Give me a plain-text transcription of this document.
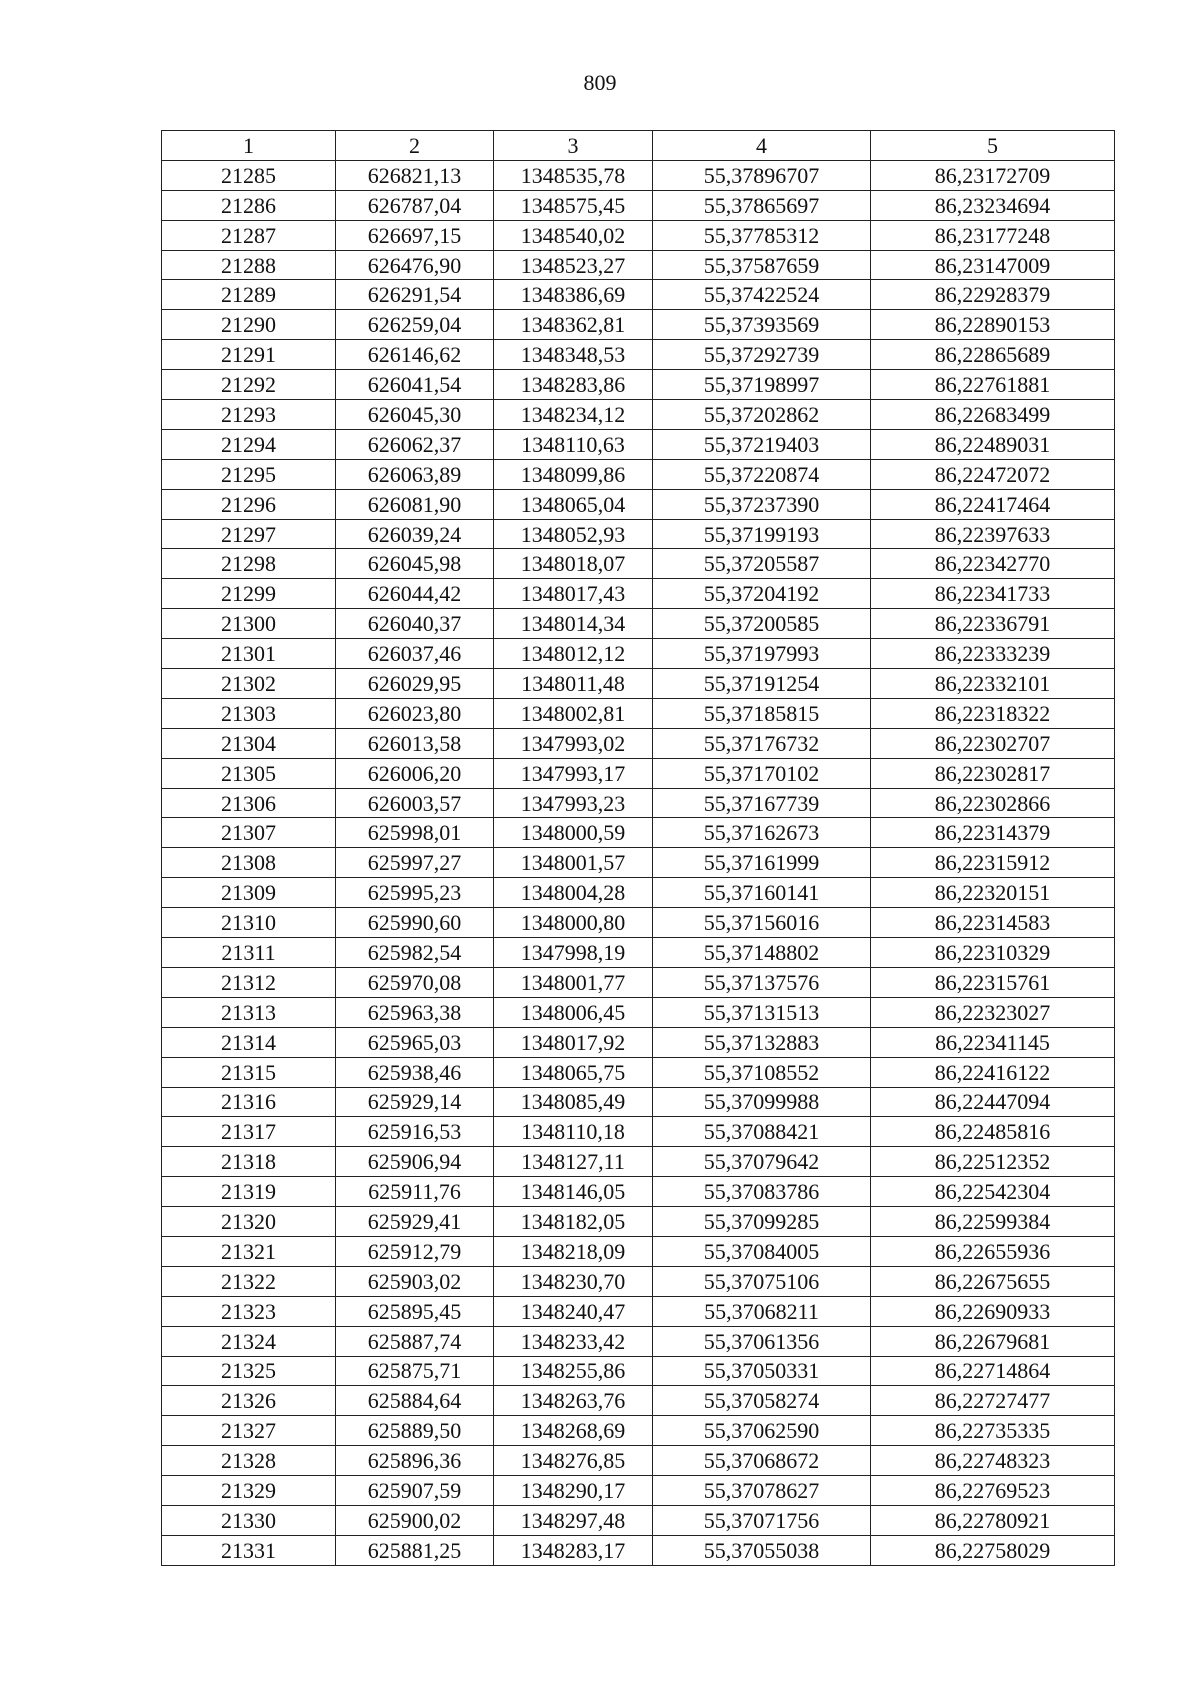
809
1	2	3	4	5
21285	626821,13	1348535,78	55,37896707	86,23172709
21286	626787,04	1348575,45	55,37865697	86,23234694
21287	626697,15	1348540,02	55,37785312	86,23177248
21288	626476,90	1348523,27	55,37587659	86,23147009
21289	626291,54	1348386,69	55,37422524	86,22928379
21290	626259,04	1348362,81	55,37393569	86,22890153
21291	626146,62	1348348,53	55,37292739	86,22865689
21292	626041,54	1348283,86	55,37198997	86,22761881
21293	626045,30	1348234,12	55,37202862	86,22683499
21294	626062,37	1348110,63	55,37219403	86,22489031
21295	626063,89	1348099,86	55,37220874	86,22472072
21296	626081,90	1348065,04	55,37237390	86,22417464
21297	626039,24	1348052,93	55,37199193	86,22397633
21298	626045,98	1348018,07	55,37205587	86,22342770
21299	626044,42	1348017,43	55,37204192	86,22341733
21300	626040,37	1348014,34	55,37200585	86,22336791
21301	626037,46	1348012,12	55,37197993	86,22333239
21302	626029,95	1348011,48	55,37191254	86,22332101
21303	626023,80	1348002,81	55,37185815	86,22318322
21304	626013,58	1347993,02	55,37176732	86,22302707
21305	626006,20	1347993,17	55,37170102	86,22302817
21306	626003,57	1347993,23	55,37167739	86,22302866
21307	625998,01	1348000,59	55,37162673	86,22314379
21308	625997,27	1348001,57	55,37161999	86,22315912
21309	625995,23	1348004,28	55,37160141	86,22320151
21310	625990,60	1348000,80	55,37156016	86,22314583
21311	625982,54	1347998,19	55,37148802	86,22310329
21312	625970,08	1348001,77	55,37137576	86,22315761
21313	625963,38	1348006,45	55,37131513	86,22323027
21314	625965,03	1348017,92	55,37132883	86,22341145
21315	625938,46	1348065,75	55,37108552	86,22416122
21316	625929,14	1348085,49	55,37099988	86,22447094
21317	625916,53	1348110,18	55,37088421	86,22485816
21318	625906,94	1348127,11	55,37079642	86,22512352
21319	625911,76	1348146,05	55,37083786	86,22542304
21320	625929,41	1348182,05	55,37099285	86,22599384
21321	625912,79	1348218,09	55,37084005	86,22655936
21322	625903,02	1348230,70	55,37075106	86,22675655
21323	625895,45	1348240,47	55,37068211	86,22690933
21324	625887,74	1348233,42	55,37061356	86,22679681
21325	625875,71	1348255,86	55,37050331	86,22714864
21326	625884,64	1348263,76	55,37058274	86,22727477
21327	625889,50	1348268,69	55,37062590	86,22735335
21328	625896,36	1348276,85	55,37068672	86,22748323
21329	625907,59	1348290,17	55,37078627	86,22769523
21330	625900,02	1348297,48	55,37071756	86,22780921
21331	625881,25	1348283,17	55,37055038	86,22758029
